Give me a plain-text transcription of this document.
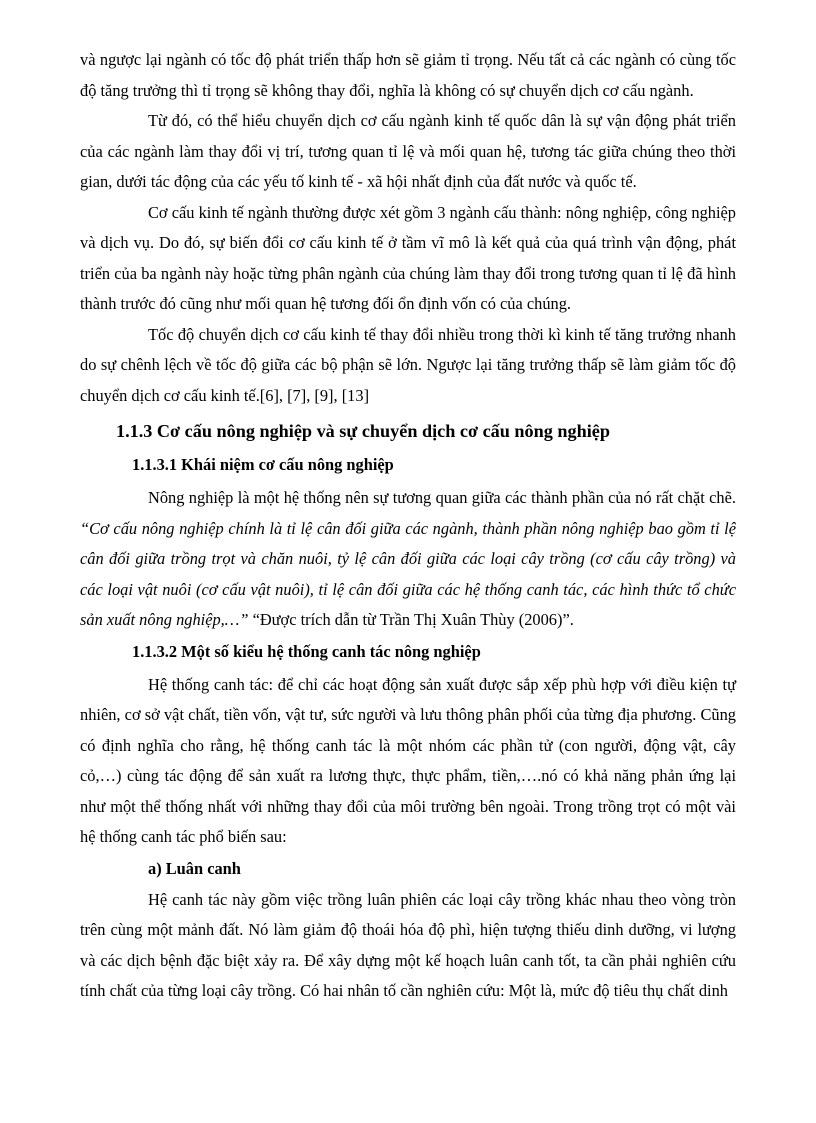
và ngược lại ngành có tốc độ phát triển thấp hơn sẽ giảm tỉ trọng. Nếu tất cả các ngành có cùng tốc độ tăng trưởng thì tỉ trọng sẽ không thay đổi, nghĩa là không có sự chuyển dịch cơ cấu ngành.

Từ đó, có thể hiểu chuyển dịch cơ cấu ngành kinh tế quốc dân là sự vận động phát triển của các ngành làm thay đổi vị trí, tương quan tỉ lệ và mối quan hệ, tương tác giữa chúng theo thời gian, dưới tác động của các yếu tố kinh tế - xã hội nhất định của đất nước và quốc tế.

Cơ cấu kinh tế ngành thường được xét gồm 3 ngành cấu thành: nông nghiệp, công nghiệp và dịch vụ. Do đó, sự biến đổi cơ cấu kinh tế ở tầm vĩ mô là kết quả của quá trình vận động, phát triển của ba ngành này hoặc từng phân ngành của chúng làm thay đổi trong tương quan tỉ lệ đã hình thành trước đó cũng như mối quan hệ tương đối ổn định vốn có của chúng.

Tốc độ chuyển dịch cơ cấu kinh tế thay đổi nhiều trong thời kì kinh tế tăng trưởng nhanh do sự chênh lệch về tốc độ giữa các bộ phận sẽ lớn. Ngược lại tăng trưởng thấp sẽ làm giảm tốc độ chuyển dịch cơ cấu kinh tế.[6], [7], [9], [13]

1.1.3 Cơ cấu nông nghiệp và sự chuyển dịch cơ cấu nông nghiệp
1.1.3.1 Khái niệm cơ cấu nông nghiệp

Nông nghiệp là một hệ thống nên sự tương quan giữa các thành phần của nó rất chặt chẽ. “Cơ cấu nông nghiệp chính là tỉ lệ cân đối giữa các ngành, thành phần nông nghiệp bao gồm tỉ lệ cân đối giữa trồng trọt và chăn nuôi, tỷ lệ cân đối giữa các loại cây trồng (cơ cấu cây trồng) và các loại vật nuôi (cơ cấu vật nuôi), tỉ lệ cân đối giữa các hệ thống canh tác, các hình thức tổ chức sản xuất nông nghiệp,…” “Được trích dẫn từ Trần Thị Xuân Thùy (2006)”.

1.1.3.2 Một số kiểu hệ thống canh tác nông nghiệp

Hệ thống canh tác: để chỉ các hoạt động sản xuất được sắp xếp phù hợp với điều kiện tự nhiên, cơ sở vật chất, tiền vốn, vật tư, sức người và lưu thông phân phối của từng địa phương. Cũng có định nghĩa cho rằng, hệ thống canh tác là một nhóm các phần tử (con người, động vật, cây cỏ,…) cùng tác động để sản xuất ra lương thực, thực phẩm, tiền,….nó có khả năng phản ứng lại như một thể thống nhất với những thay đổi của môi trường bên ngoài. Trong trồng trọt có một vài hệ thống canh tác phổ biến sau:

a) Luân canh

Hệ canh tác này gồm việc trồng luân phiên các loại cây trồng khác nhau theo vòng tròn trên cùng một mảnh đất. Nó làm giảm độ thoái hóa độ phì, hiện tượng thiếu dinh dưỡng, vi lượng và các dịch bệnh đặc biệt xảy ra. Để xây dựng một kế hoạch luân canh tốt, ta cần phải nghiên cứu tính chất của từng loại cây trồng. Có hai nhân tố cần nghiên cứu: Một là, mức độ tiêu thụ chất dinh
